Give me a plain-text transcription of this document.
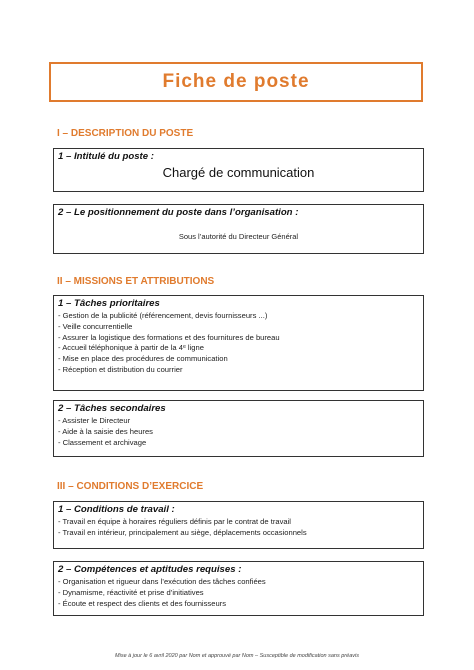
Fiche de poste
I – DESCRIPTION DU POSTE
1 – Intitulé du poste :
Chargé de communication
2 – Le positionnement du poste dans l’organisation :
Sous l’autorité du Directeur Général
II – MISSIONS ET ATTRIBUTIONS
1 – Tâches prioritaires
- Gestion de la publicité (référencement, devis fournisseurs ...)
- Veille concurrentielle
- Assurer la logistique des formations et des fournitures de bureau
- Accueil téléphonique à partir de la 4ᵉ ligne
- Mise en place des procédures de communication
- Réception et distribution du courrier
2 – Tâches secondaires
- Assister le Directeur
- Aide à la saisie des heures
- Classement et archivage
III – CONDITIONS D’EXERCICE
1 – Conditions de travail :
- Travail en équipe à horaires réguliers définis par le contrat de travail
- Travail en intérieur, principalement au siège, déplacements occasionnels
2 – Compétences et aptitudes requises :
- Organisation et rigueur dans l’exécution des tâches confiées
- Dynamisme, réactivité et prise d’initiatives
- Écoute et respect des clients et des fournisseurs
Mise à jour le 6 avril 2020 par Nom et approuvé par Nom – Susceptible de modification sans préavis
